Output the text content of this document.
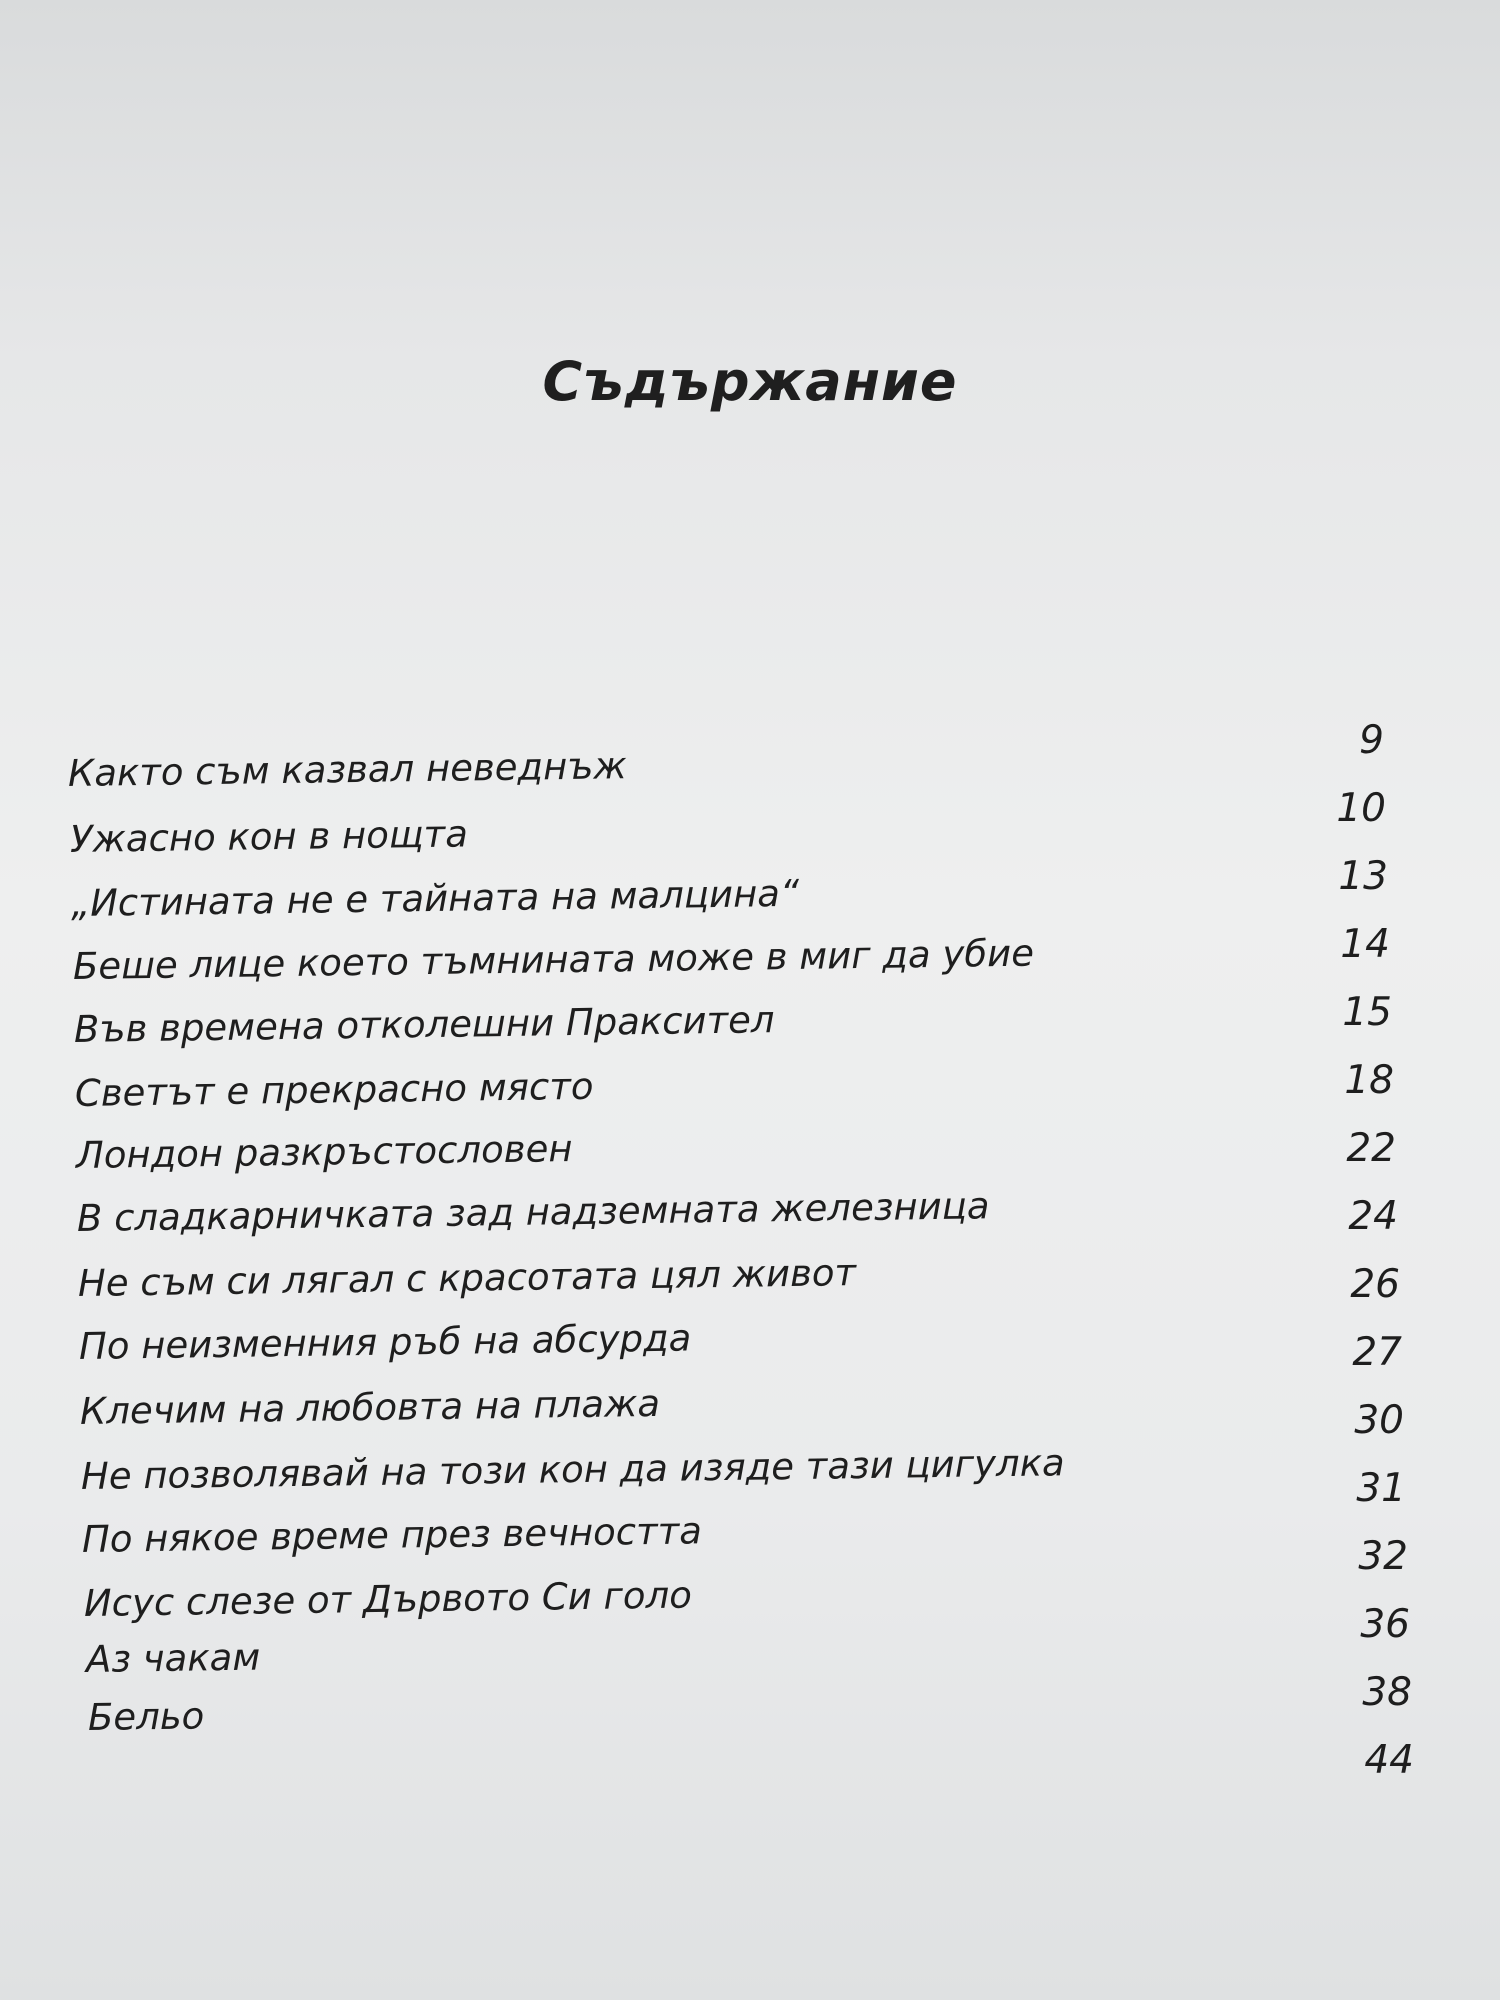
Съдържание
Както съм казвал неведнъж
Ужасно кон в нощта
„Истината не е тайната на малцина“
Беше лице което тъмнината може в миг да убие
Във времена отколешни Праксител
Светът е прекрасно място
Лондон разкръстословен
В сладкарничката зад надземната железница
Не съм си лягал с красотата цял живот
По неизменния ръб на абсурда
Клечим на любовта на плажа
Не позволявай на този кон да изяде тази цигулка
По някое време през вечността
Исус слезе от Дървото Си голо
Аз чакам
Бельо
9
10
13
14
15
18
22
24
26
27
30
31
32
36
38
44
